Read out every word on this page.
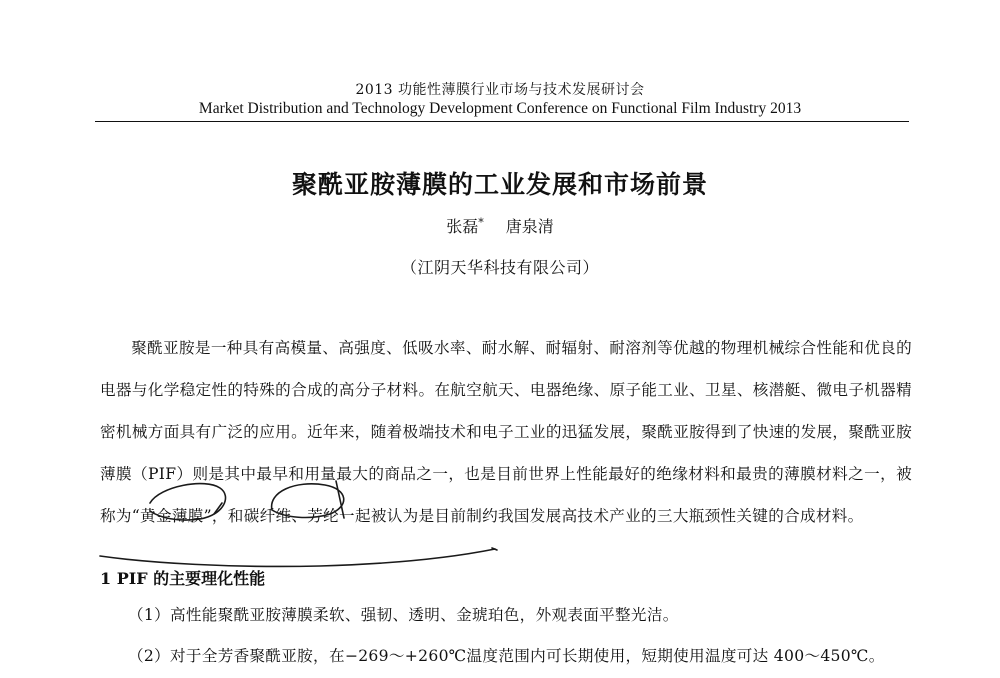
2013 功能性薄膜行业市场与技术发展研讨会
Market Distribution and Technology Development Conference on Functional Film Industry 2013
聚酰亚胺薄膜的工业发展和市场前景
张磊* 唐泉清
（江阴天华科技有限公司）

聚酰亚胺是一种具有高模量、高强度、低吸水率、耐水解、耐辐射、耐溶剂等优越的物理机械综合性能和优良的电器与化学稳定性的特殊的合成的高分子材料。在航空航天、电器绝缘、原子能工业、卫星、核潜艇、微电子机器精密机械方面具有广泛的应用。近年来，随着极端技术和电子工业的迅猛发展，聚酰亚胺得到了快速的发展，聚酰亚胺薄膜（PIF）则是其中最早和用量最大的商品之一，也是目前世界上性能最好的绝缘材料和最贵的薄膜材料之一，被称为“黄金薄膜”，和碳纤维、芳纶一起被认为是目前制约我国发展高技术产业的三大瓶颈性关键的合成材料。

1 PIF 的主要理化性能
（1）高性能聚酰亚胺薄膜柔软、强韧、透明、金琥珀色，外观表面平整光洁。
（2）对于全芳香聚酰亚胺，在−269～+260℃温度范围内可长期使用，短期使用温度可达 400～450℃。
